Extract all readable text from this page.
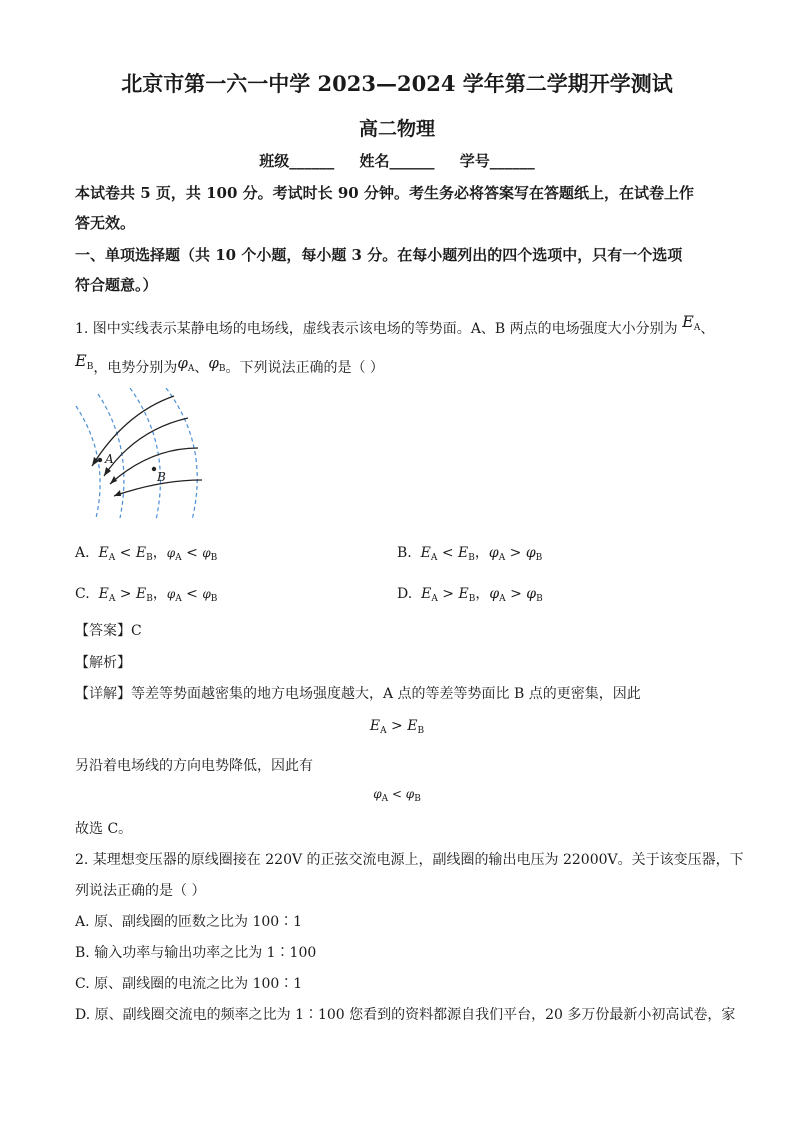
北京市第一六一中学 2023—2024 学年第二学期开学测试
高二物理
班级______ 姓名______ 学号______
本试卷共 5 页，共 100 分。考试时长 90 分钟。考生务必将答案写在答题纸上，在试卷上作
答无效。
一、单项选择题（共 10 个小题，每小题 3 分。在每小题列出的四个选项中，只有一个选项
符合题意。）
1. 图中实线表示某静电场的电场线，虚线表示该电场的等势面。A、B 两点的电场强度大小分别为 $E_A$、
$E_B$，电势分别为$\varphi_A$、$\varphi_B$。下列说法正确的是（ ）
A
B
A. $E_A < E_B$，$\varphi_A < \varphi_B$	B. $E_A < E_B$，$\varphi_A > \varphi_B$
C. $E_A > E_B$，$\varphi_A < \varphi_B$	D. $E_A > E_B$，$\varphi_A > \varphi_B$
【答案】C
【解析】
【详解】等差等势面越密集的地方电场强度越大，A 点的等差等势面比 B 点的更密集，因此
$E_A > E_B$
另沿着电场线的方向电势降低，因此有
$\varphi_A < \varphi_B$
故选 C。
2. 某理想变压器的原线圈接在 220V 的正弦交流电源上，副线圈的输出电压为 22000V。关于该变压器，下
列说法正确的是（ ）
A. 原、副线圈的匝数之比为 100∶1
B. 输入功率与输出功率之比为 1∶100
C. 原、副线圈的电流之比为 100∶1
D. 原、副线圈交流电的频率之比为 1∶100 您看到的资料都源自我们平台，20 多万份最新小初高试卷，家
